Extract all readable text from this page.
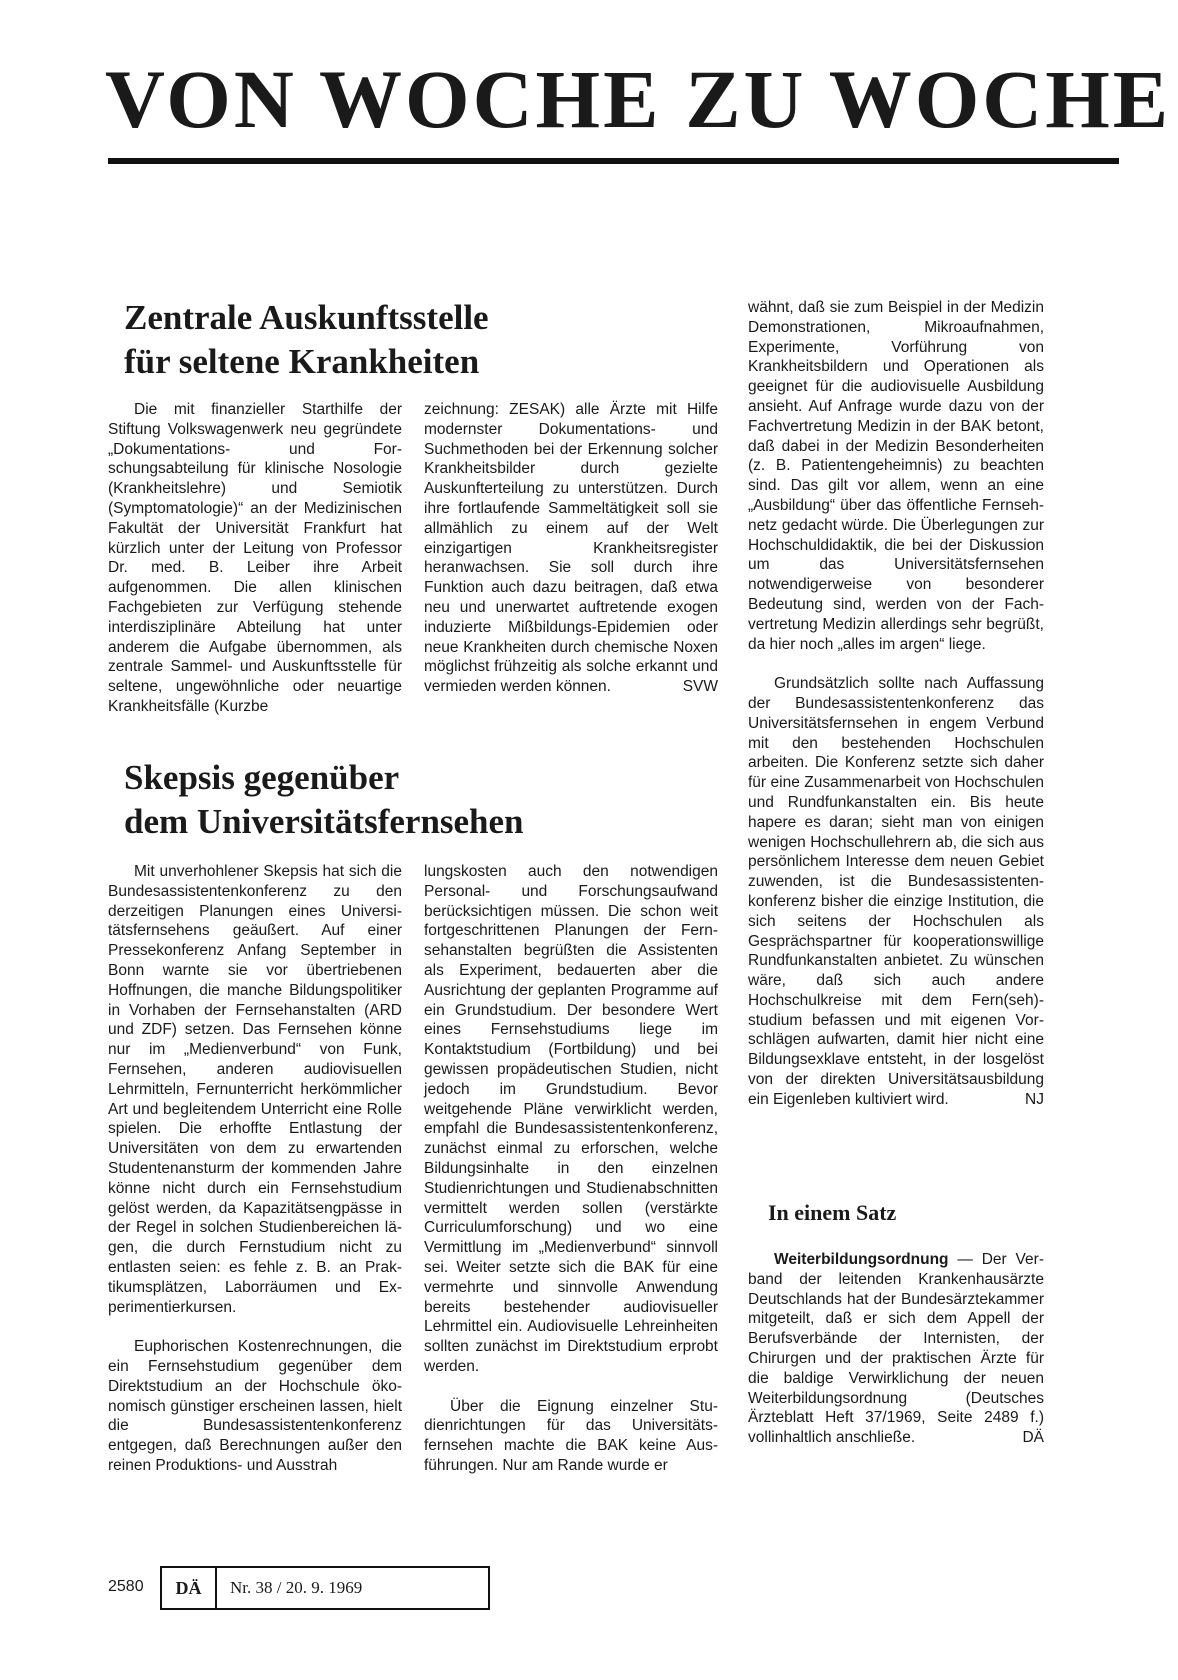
VON WOCHE ZU WOCHE
Zentrale Auskunftsstelle
für seltene Krankheiten

Die mit finanzieller Starthilfe der Stiftung Volkswagenwerk neu gegründete „Dokumentations- und Forschungsabteilung für klinische Nosologie (Krankheitslehre) und Semiotik (Symptomatologie)“ an der Medizinischen Fakultät der Universität Frankfurt hat kürzlich unter der Leitung von Professor Dr. med. B. Leiber ihre Arbeit aufgenommen. Die allen klinischen Fachgebieten zur Verfügung stehende interdisziplinäre Abteilung hat unter anderem die Aufgabe übernommen, als zentrale Sammel- und Auskunftsstelle für seltene, ungewöhnliche oder neuartige Krankheitsfälle (Kurzbe

zeichnung: ZESAK) alle Ärzte mit Hilfe modernster Dokumentations- und Suchmethoden bei der Erkennung solcher Krankheitsbilder durch gezielte Auskunfterteilung zu unterstützen. Durch ihre fortlaufende Sammeltätigkeit soll sie allmählich zu einem auf der Welt einzigartigen Krankheitsregister heranwachsen. Sie soll durch ihre Funktion auch dazu beitragen, daß etwa neu und unerwartet auftretende exogen induzierte Mißbildungs-Epidemien oder neue Krankheiten durch chemische Noxen möglichst frühzeitig als solche erkannt und vermieden werden können.	SVW
Skepsis gegenüber
dem Universitätsfernsehen

Mit unverhohlener Skepsis hat sich die Bundesassistentenkonferenz zu den derzeitigen Planungen eines Universitätsfernsehens geäußert. Auf einer Pressekonferenz Anfang September in Bonn warnte sie vor übertriebenen Hoffnungen, die manche Bildungspolitiker in Vorhaben der Fernsehanstalten (ARD und ZDF) setzen. Das Fernsehen könne nur im „Medienverbund“ von Funk, Fernsehen, anderen audiovisuellen Lehrmitteln, Fernunterricht herkömmlicher Art und begleitendem Unterricht eine Rolle spielen. Die erhoffte Entlastung der Universitäten von dem zu erwartenden Studentenansturm der kommenden Jahre könne nicht durch ein Fernsehstudium gelöst werden, da Kapazitätsengpässe in der Regel in solchen Studienbereichen lägen, die durch Fernstudium nicht zu entlasten seien: es fehle z. B. an Praktikumsplätzen, Laborräumen und Experimentierkursen.

Euphorischen Kostenrechnungen, die ein Fernsehstudium gegenüber dem Direktstudium an der Hochschule ökonomisch günstiger erscheinen lassen, hielt die Bundesassistentenkonferenz entgegen, daß Berechnungen außer den reinen Produktions- und Ausstrah

lungskosten auch den notwendigen Personal- und Forschungsaufwand berücksichtigen müssen. Die schon weit fortgeschrittenen Planungen der Fernsehanstalten begrüßten die Assistenten als Experiment, bedauerten aber die Ausrichtung der geplanten Programme auf ein Grundstudium. Der besondere Wert eines Fernsehstudiums liege im Kontaktstudium (Fortbildung) und bei gewissen propädeutischen Studien, nicht jedoch im Grundstudium. Bevor weitgehende Pläne verwirklicht werden, empfahl die Bundesassistentenkonferenz, zunächst einmal zu erforschen, welche Bildungsinhalte in den einzelnen Studienrichtungen und Studienabschnitten vermittelt werden sollen (verstärkte Curriculumforschung) und wo eine Vermittlung im „Medienverbund“ sinnvoll sei. Weiter setzte sich die BAK für eine vermehrte und sinnvolle Anwendung bereits bestehender audiovisueller Lehrmittel ein. Audiovisuelle Lehreinheiten sollten zunächst im Direktstudium erprobt werden.

Über die Eignung einzelner Studienrichtungen für das Universitätsfernsehen machte die BAK keine Ausführungen. Nur am Rande wurde er

wähnt, daß sie zum Beispiel in der Medizin Demonstrationen, Mikroaufnahmen, Experimente, Vorführung von Krankheitsbildern und Operationen als geeignet für die audiovisuelle Ausbildung ansieht. Auf Anfrage wurde dazu von der Fachvertretung Medizin in der BAK betont, daß dabei in der Medizin Besonderheiten (z. B. Patientengeheimnis) zu beachten sind. Das gilt vor allem, wenn an eine „Ausbildung“ über das öffentliche Fernsehnetz gedacht würde. Die Überlegungen zur Hochschuldidaktik, die bei der Diskussion um das Universitätsfernsehen notwendigerweise von besonderer Bedeutung sind, werden von der Fachvertretung Medizin allerdings sehr begrüßt, da hier noch „alles im argen“ liege.

Grundsätzlich sollte nach Auffassung der Bundesassistentenkonferenz das Universitätsfernsehen in engem Verbund mit den bestehenden Hochschulen arbeiten. Die Konferenz setzte sich daher für eine Zusammenarbeit von Hochschulen und Rundfunkanstalten ein. Bis heute hapere es daran; sieht man von einigen wenigen Hochschullehrern ab, die sich aus persönlichem Interesse dem neuen Gebiet zuwenden, ist die Bundesassistentenkonferenz bisher die einzige Institution, die sich seitens der Hochschulen als Gesprächspartner für kooperationswillige Rundfunkanstalten anbietet. Zu wünschen wäre, daß sich auch andere Hochschulkreise mit dem Fern(seh)studium befassen und mit eigenen Vorschlägen aufwarten, damit hier nicht eine Bildungsexklave entsteht, in der losgelöst von der direkten Universitätsausbildung ein Eigenleben kultiviert wird.	NJ
In einem Satz

Weiterbildungsordnung — Der Verband der leitenden Krankenhausärzte Deutschlands hat der Bundesärztekammer mitgeteilt, daß er sich dem Appell der Berufsverbände der Internisten, der Chirurgen und der praktischen Ärzte für die baldige Verwirklichung der neuen Weiterbildungsordnung (Deutsches Ärzteblatt Heft 37/1969, Seite 2489 f.) vollinhaltlich anschließe.	DÄ
2580	DÄ	Nr. 38 / 20. 9. 1969
